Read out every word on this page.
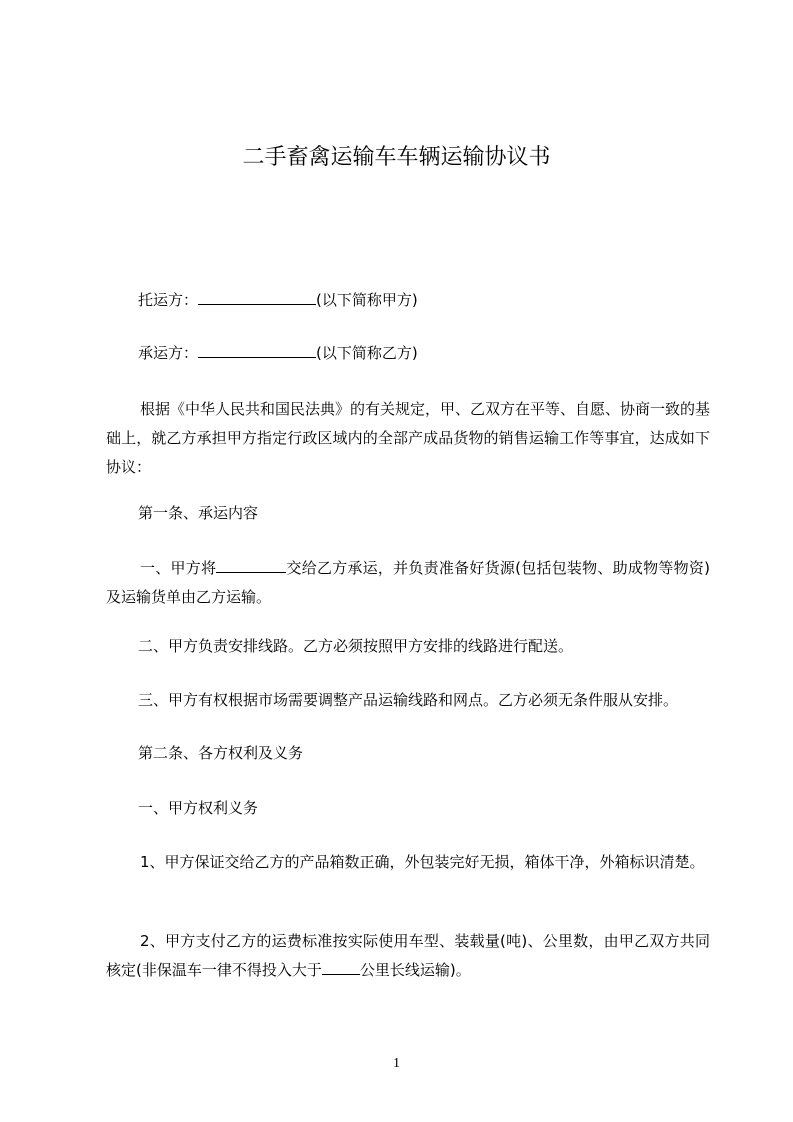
二手畜禽运输车车辆运输协议书
托运方：	(以下简称甲方)
承运方：	(以下简称乙方)
根据《中华人民共和国民法典》的有关规定，甲、乙双方在平等、自愿、协商一致的基础上，就乙方承担甲方指定行政区域内的全部产成品货物的销售运输工作等事宜，达成如下协议：
第一条、承运内容
一、甲方将	交给乙方承运，并负责准备好货源(包括包装物、助成物等物资)及运输货单由乙方运输。
二、甲方负责安排线路。乙方必须按照甲方安排的线路进行配送。
三、甲方有权根据市场需要调整产品运输线路和网点。乙方必须无条件服从安排。
第二条、各方权利及义务
一、甲方权利义务
1、甲方保证交给乙方的产品箱数正确，外包装完好无损，箱体干净，外箱标识清楚。
2、甲方支付乙方的运费标准按实际使用车型、装载量(吨)、公里数，由甲乙双方共同核定(非保温车一律不得投入大于	公里长线运输)。
1
